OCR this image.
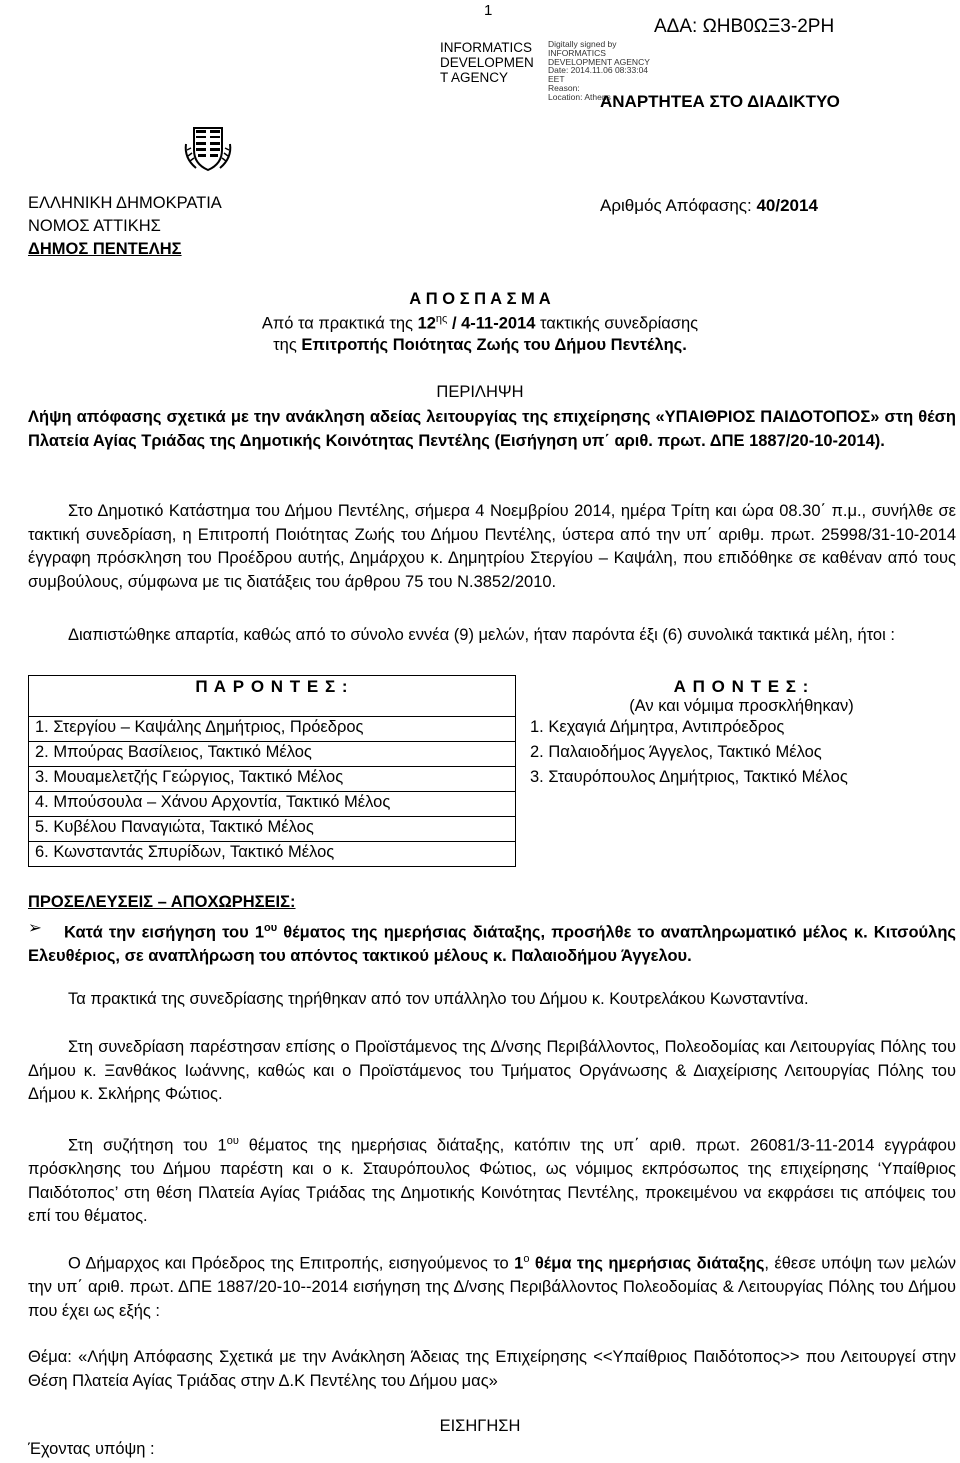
1
INFORMATICS DEVELOPMEN T AGENCY
Digitally signed by
INFORMATICS
DEVELOPMENT AGENCY
Date: 2014.11.06 08:33:04
EET
Reason:
Location: Athens
ΑΔΑ: ΩΗΒ0ΩΞ3-2ΡΗ
ΑΝΑΡΤΗΤΕΑ ΣΤΟ ΔΙΑΔΙΚΤΥΟ
ΕΛΛΗΝΙΚΗ ΔΗΜΟΚΡΑΤΙΑ
ΝΟΜΟΣ ΑΤΤΙΚΗΣ
ΔΗΜΟΣ ΠΕΝΤΕΛΗΣ
Αριθμός Απόφασης: 40/2014
Α Π Ο Σ Π Α Σ Μ Α
Από τα πρακτικά της $12^{\eta\varsigma} / 4-11-2014$ τακτικής συνεδρίασης
της Επιτροπής Ποιότητας Ζωής του Δήμου Πεντέλης.
ΠΕΡΙΛΗΨΗ
Λήψη απόφασης σχετικά με την ανάκληση αδείας λειτουργίας της επιχείρησης «ΥΠΑΙΘΡΙΟΣ ΠΑΙΔΟΤΟΠΟΣ» στη θέση Πλατεία Αγίας Τριάδας της Δημοτικής Κοινότητας Πεντέλης (Εισήγηση υπ΄ αριθ. πρωτ. ΔΠΕ 1887/20-10-2014).
Στο Δημοτικό Κατάστημα του Δήμου Πεντέλης, σήμερα 4 Νοεμβρίου 2014, ημέρα Τρίτη και ώρα 08.30΄ π.μ., συνήλθε σε τακτική συνεδρίαση, η Επιτροπή Ποιότητας Ζωής του Δήμου Πεντέλης, ύστερα από την υπ΄ αριθμ. πρωτ. 25998/31-10-2014 έγγραφη πρόσκληση του Προέδρου αυτής, Δημάρχου κ. Δημητρίου Στεργίου – Καψάλη, που επιδόθηκε σε καθέναν από τους συμβούλους, σύμφωνα με τις διατάξεις του άρθρου 75 του Ν.3852/2010.
Διαπιστώθηκε απαρτία, καθώς από το σύνολο εννέα (9) μελών, ήταν παρόντα έξι (6) συνολικά τακτικά μέλη, ήτοι :
Π Α Ρ Ο Ν Τ Ε Σ :	Α Π Ο Ν Τ Ε Σ :
(Αν και νόμιμα προσκλήθηκαν)

1. Στεργίου – Καψάλης Δημήτριος, Πρόεδρος	1. Κεχαγιά Δήμητρα, Αντιπρόεδρος
2. Μπούρας Βασίλειος, Τακτικό Μέλος	2. Παλαιοδήμος Άγγελος, Τακτικό Μέλος
3. Μουαμελετζής Γεώργιος, Τακτικό Μέλος	3. Σταυρόπουλος Δημήτριος, Τακτικό Μέλος
4. Μπούσουλα – Χάνου Αρχοντία, Τακτικό Μέλος	
5. Κυβέλου Παναγιώτα, Τακτικό Μέλος	
6. Κωνσταντάς Σπυρίδων, Τακτικό Μέλος	
ΠΡΟΣΕΛΕΥΣΕΙΣ – ΑΠΟΧΩΡΗΣΕΙΣ:
➢	Κατά την εισήγηση του $1^{o\upsilon}$ θέματος της ημερήσιας διάταξης, προσήλθε το αναπληρωματικό μέλος κ. Κιτσούλης Ελευθέριος, σε αναπλήρωση του απόντος τακτικού μέλους κ. Παλαιοδήμου Άγγελου.
Τα πρακτικά της συνεδρίασης τηρήθηκαν από τον υπάλληλο του Δήμου κ. Κουτρελάκου Κωνσταντίνα.
Στη συνεδρίαση παρέστησαν επίσης ο Προϊστάμενος της Δ/νσης Περιβάλλοντος, Πολεοδομίας και Λειτουργίας Πόλης του Δήμου κ. Ξανθάκος Ιωάννης, καθώς και ο Προϊστάμενος του Τμήματος Οργάνωσης & Διαχείρισης Λειτουργίας Πόλης του Δήμου κ. Σκλήρης Φώτιος.
Στη συζήτηση του $1^{o\upsilon}$ θέματος της ημερήσιας διάταξης, κατόπιν της υπ΄ αριθ. πρωτ. 26081/3-11-2014 εγγράφου πρόσκλησης του Δήμου παρέστη και ο κ. Σταυρόπουλος Φώτιος, ως νόμιμος εκπρόσωπος της επιχείρησης ‘Υπαίθριος Παιδότοπος’ στη θέση Πλατεία Αγίας Τριάδας της Δημοτικής Κοινότητας Πεντέλης, προκειμένου να εκφράσει τις απόψεις του επί του θέματος.
Ο Δήμαρχος και Πρόεδρος της Επιτροπής, εισηγούμενος το $1^o$ θέμα της ημερήσιας διάταξης, έθεσε υπόψη των μελών την υπ΄ αριθ. πρωτ. ΔΠΕ 1887/20-10--2014 εισήγηση της Δ/νσης Περιβάλλοντος Πολεοδομίας & Λειτουργίας Πόλης του Δήμου που έχει ως εξής :
Θέμα: «Λήψη Απόφασης Σχετικά με την Ανάκληση Άδειας της Επιχείρησης <<Υπαίθριος Παιδότοπος>> που Λειτουργεί στην Θέση Πλατεία Αγίας Τριάδας στην Δ.Κ Πεντέλης του Δήμου μας»
ΕΙΣΗΓΗΣΗ
Έχοντας υπόψη :
